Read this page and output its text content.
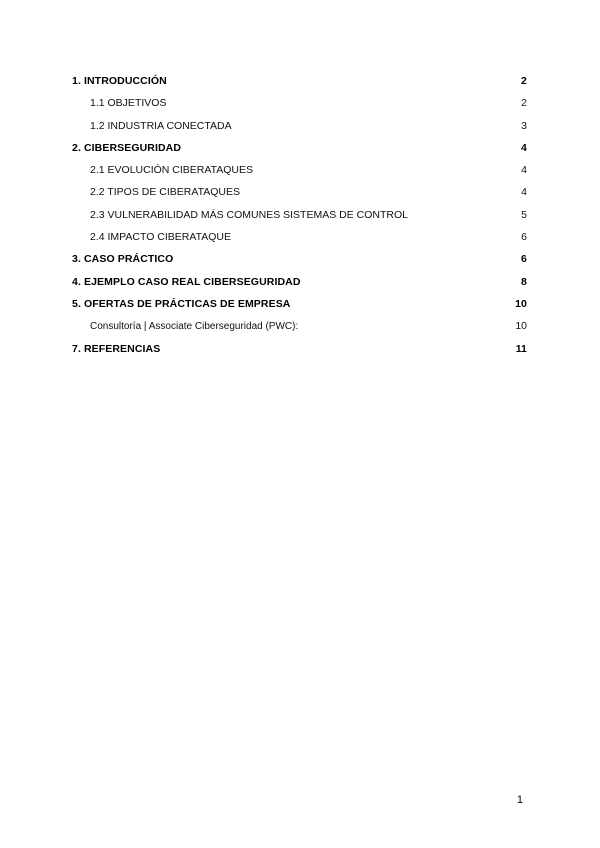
1. INTRODUCCIÓN	2
1.1 OBJETIVOS	2
1.2 INDUSTRIA CONECTADA	3
2. CIBERSEGURIDAD	4
2.1 EVOLUCIÓN CIBERATAQUES	4
2.2 TIPOS DE CIBERATAQUES	4
2.3 VULNERABILIDAD MÁS COMUNES SISTEMAS DE CONTROL	5
2.4 IMPACTO CIBERATAQUE	6
3. CASO PRÁCTICO	6
4. EJEMPLO CASO REAL CIBERSEGURIDAD	8
5. OFERTAS DE PRÁCTICAS DE EMPRESA	10
Consultoría | Associate Ciberseguridad (PWC):	10
7. REFERENCIAS	11
1
